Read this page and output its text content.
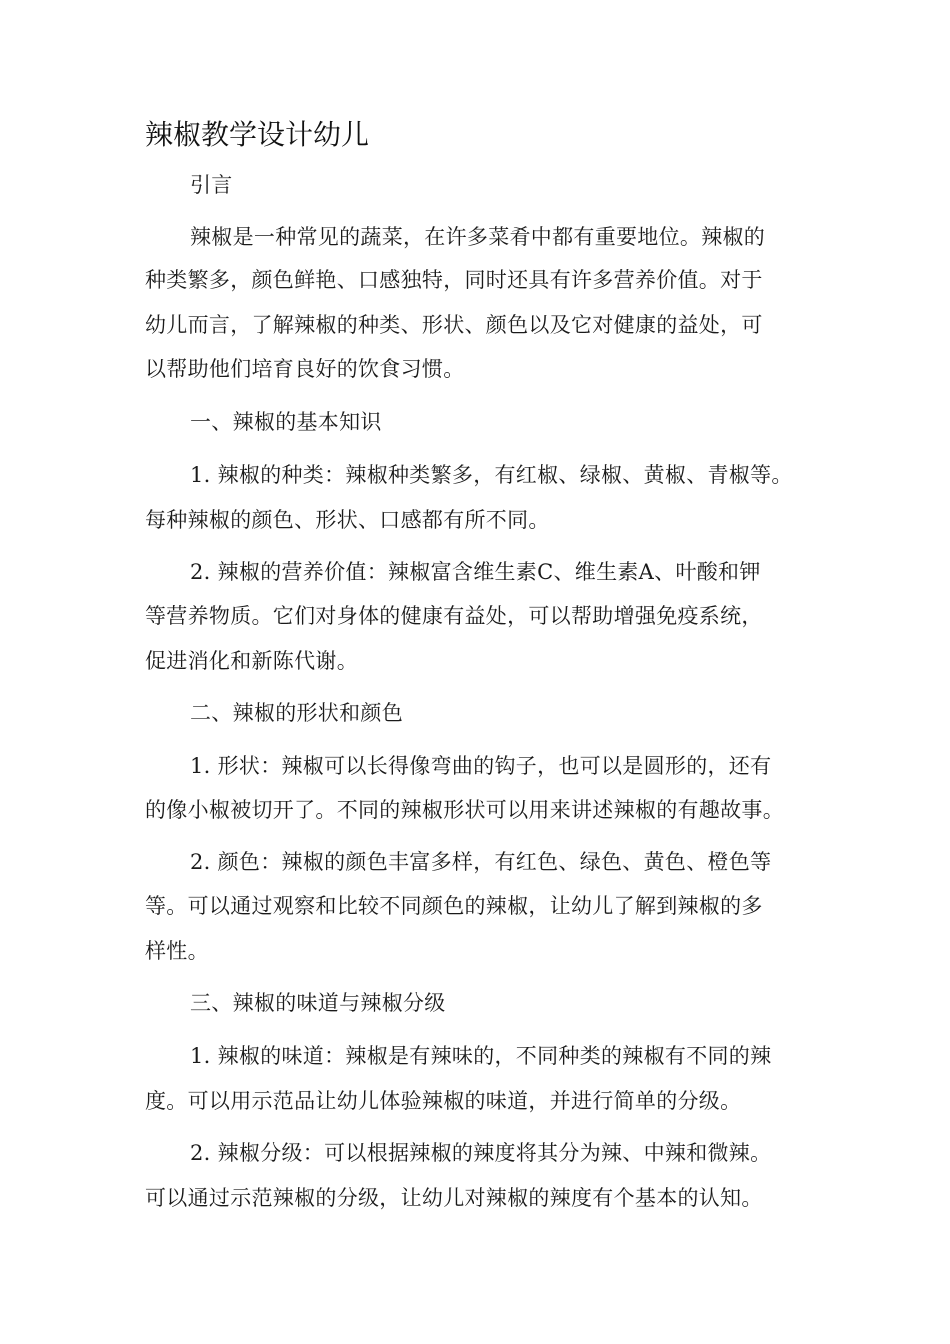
辣椒教学设计幼儿
引言
辣椒是一种常见的蔬菜，在许多菜肴中都有重要地位。辣椒的
种类繁多，颜色鲜艳、口感独特，同时还具有许多营养价值。对于
幼儿而言，了解辣椒的种类、形状、颜色以及它对健康的益处，可
以帮助他们培育良好的饮食习惯。
一、辣椒的基本知识
1. 辣椒的种类：辣椒种类繁多，有红椒、绿椒、黄椒、青椒等。
每种辣椒的颜色、形状、口感都有所不同。
2. 辣椒的营养价值：辣椒富含维生素C、维生素A、叶酸和钾
等营养物质。它们对身体的健康有益处，可以帮助增强免疫系统，
促进消化和新陈代谢。
二、辣椒的形状和颜色
1. 形状：辣椒可以长得像弯曲的钩子，也可以是圆形的，还有
的像小椒被切开了。不同的辣椒形状可以用来讲述辣椒的有趣故事。
2. 颜色：辣椒的颜色丰富多样，有红色、绿色、黄色、橙色等
等。可以通过观察和比较不同颜色的辣椒，让幼儿了解到辣椒的多
样性。
三、辣椒的味道与辣椒分级
1. 辣椒的味道：辣椒是有辣味的，不同种类的辣椒有不同的辣
度。可以用示范品让幼儿体验辣椒的味道，并进行简单的分级。
2. 辣椒分级：可以根据辣椒的辣度将其分为辣、中辣和微辣。
可以通过示范辣椒的分级，让幼儿对辣椒的辣度有个基本的认知。
